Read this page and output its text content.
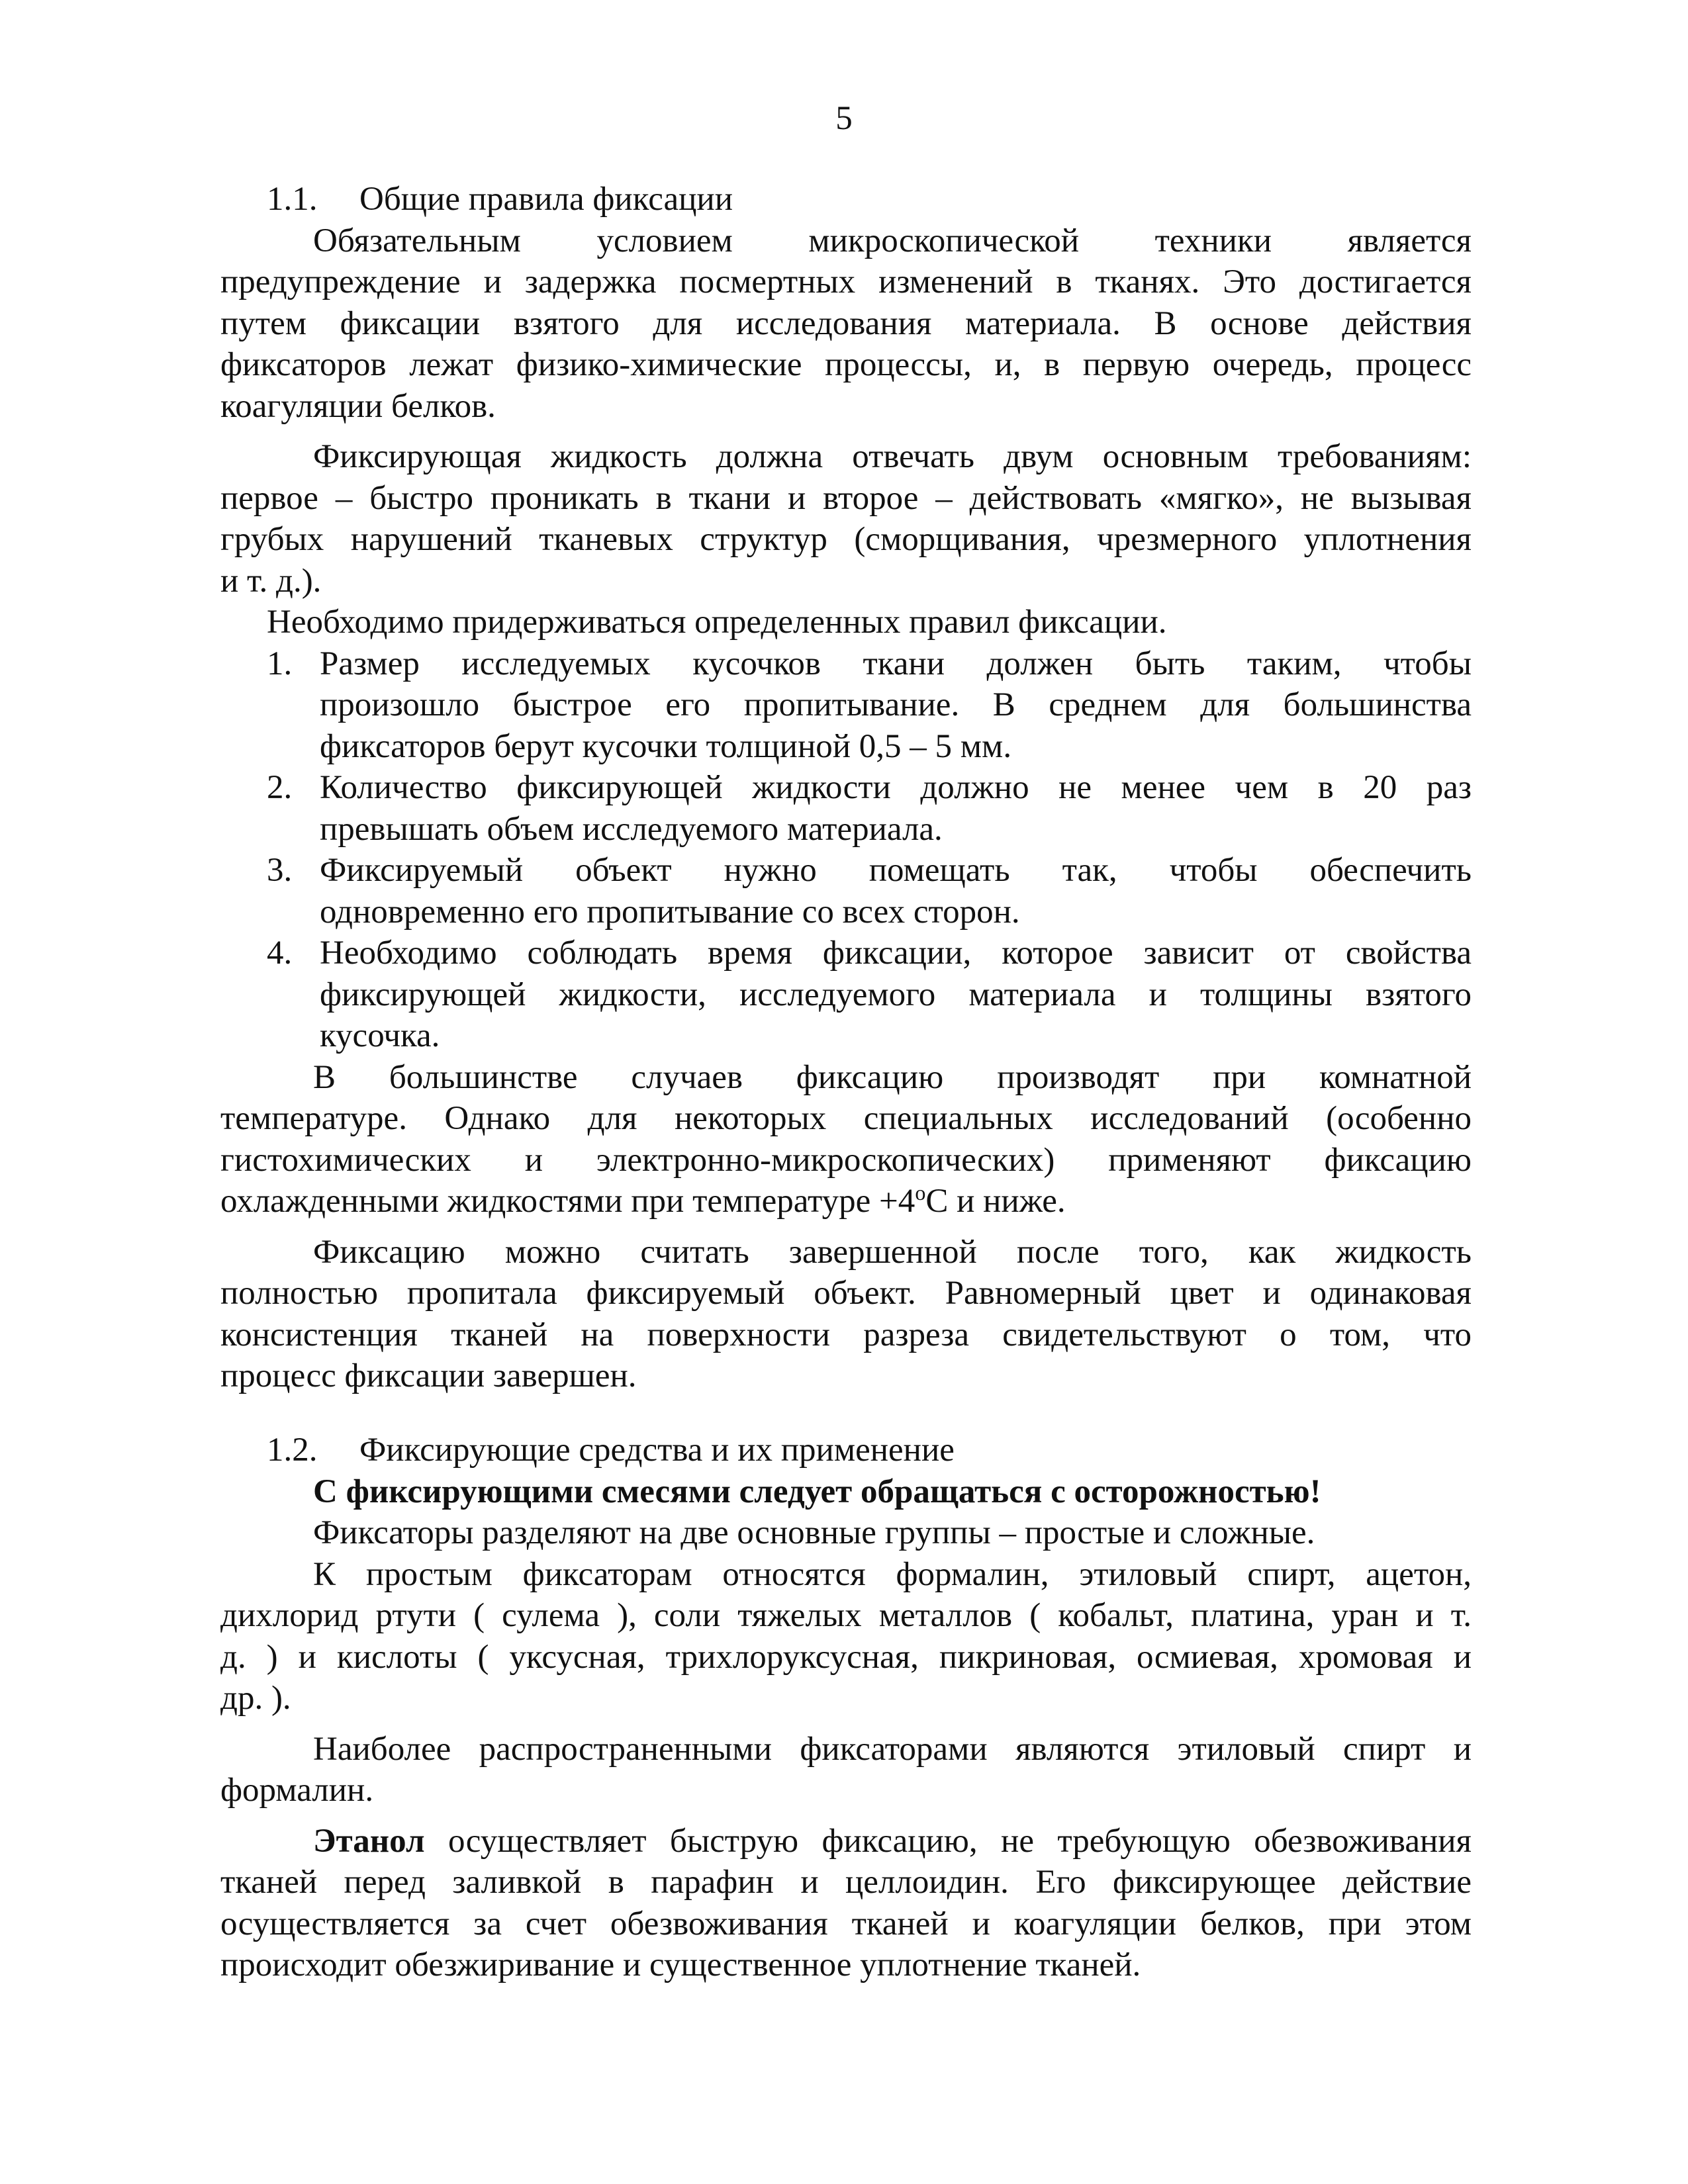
5
1.1.	Общие правила фиксации

Обязательным условием микроскопической техники является
предупреждение и задержка посмертных изменений в тканях. Это достигается
путем фиксации взятого для исследования материала. В основе действия
фиксаторов лежат физико-химические процессы, и, в первую очередь, процесс
коагуляции белков.

Фиксирующая жидкость должна отвечать двум основным требованиям:
первое – быстро проникать в ткани и второе – действовать «мягко», не вызывая
грубых нарушений тканевых структур (сморщивания, чрезмерного уплотнения
и т. д.).

Необходимо придерживаться определенных правил фиксации.

1. Размер исследуемых кусочков ткани должен быть таким, чтобы
произошло быстрое его пропитывание. В среднем для большинства
фиксаторов берут кусочки толщиной 0,5 – 5 мм.
2. Количество фиксирующей жидкости должно не менее чем в 20 раз
превышать объем исследуемого материала.
3. Фиксируемый объект нужно помещать так, чтобы обеспечить
одновременно его пропитывание со всех сторон.
4. Необходимо соблюдать время фиксации, которое зависит от свойства
фиксирующей жидкости, исследуемого материала и толщины взятого
кусочка.

В большинстве случаев фиксацию производят при комнатной
температуре. Однако для некоторых специальных исследований (особенно
гистохимических и электронно-микроскопических) применяют фиксацию
охлажденными жидкостями при температуре $+4^оС$ и ниже.

Фиксацию можно считать завершенной после того, как жидкость
полностью пропитала фиксируемый объект. Равномерный цвет и одинаковая
консистенция тканей на поверхности разреза свидетельствуют о том, что
процесс фиксации завершен.

1.2.	Фиксирующие средства и их применение

С фиксирующими смесями следует обращаться с осторожностью!

Фиксаторы разделяют на две основные группы – простые и сложные.

К простым фиксаторам относятся формалин, этиловый спирт, ацетон,
дихлорид ртути ( сулема ), соли тяжелых металлов ( кобальт, платина, уран и т.
д. ) и кислоты ( уксусная, трихлоруксусная, пикриновая, осмиевая, хромовая и
др. ).

Наиболее распространенными фиксаторами являются этиловый спирт и
формалин.

Этанол осуществляет быструю фиксацию, не требующую обезвоживания
тканей перед заливкой в парафин и целлоидин. Его фиксирующее действие
осуществляется за счет обезвоживания тканей и коагуляции белков, при этом
происходит обезжиривание и существенное уплотнение тканей.
